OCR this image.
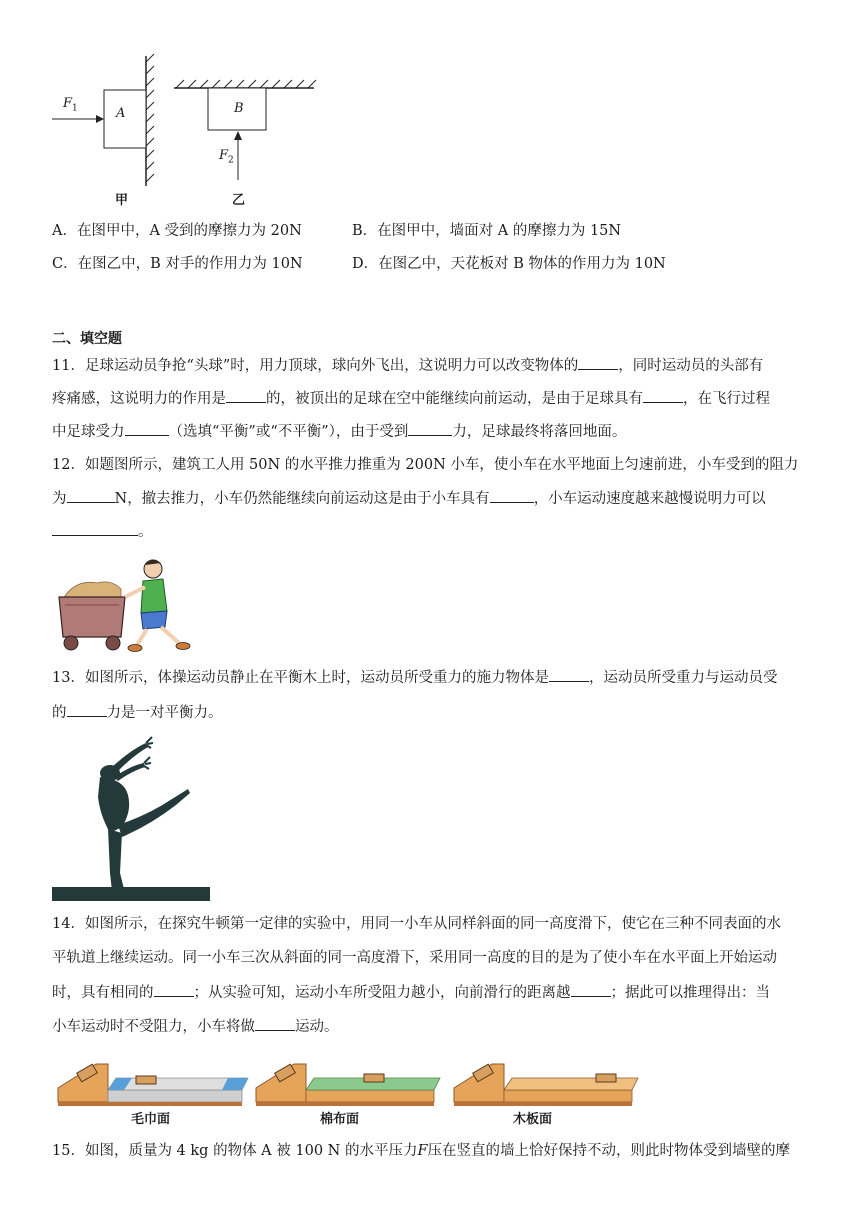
$F_1$	A	B
$F_2$
甲	乙
A．在图甲中，A 受到的摩擦力为 20N	B．在图甲中，墙面对 A 的摩擦力为 15N
C．在图乙中，B 对手的作用力为 10N	D．在图乙中，天花板对 B 物体的作用力为 10N
二、填空题
11．足球运动员争抢“头球”时，用力顶球，球向外飞出，这说明力可以改变物体的	，同时运动员的头部有
疼痛感，这说明力的作用是	的，被顶出的足球在空中能继续向前运动，是由于足球具有	，在飞行过程
中足球受力	（选填“平衡”或“不平衡”），由于受到	力，足球最终将落回地面。
12．如题图所示，建筑工人用 50N 的水平推力推重为 200N 小车，使小车在水平地面上匀速前进，小车受到的阻力
为	N，撤去推力，小车仍然能继续向前运动这是由于小车具有	，小车运动速度越来越慢说明力可以
。
13．如图所示，体操运动员静止在平衡木上时，运动员所受重力的施力物体是	，运动员所受重力与运动员受
的	力是一对平衡力。
14．如图所示，在探究牛顿第一定律的实验中，用同一小车从同样斜面的同一高度滑下，使它在三种不同表面的水
平轨道上继续运动。同一小车三次从斜面的同一高度滑下，采用同一高度的目的是为了使小车在水平面上开始运动
时，具有相同的	；从实验可知，运动小车所受阻力越小，向前滑行的距离越	；据此可以推理得出：当
小车运动时不受阻力，小车将做	运动。
毛巾面	棉布面	木板面
15．如图，质量为 4 kg 的物体 A 被 100 N 的水平压力F压在竖直的墙上恰好保持不动，则此时物体受到墙壁的摩
